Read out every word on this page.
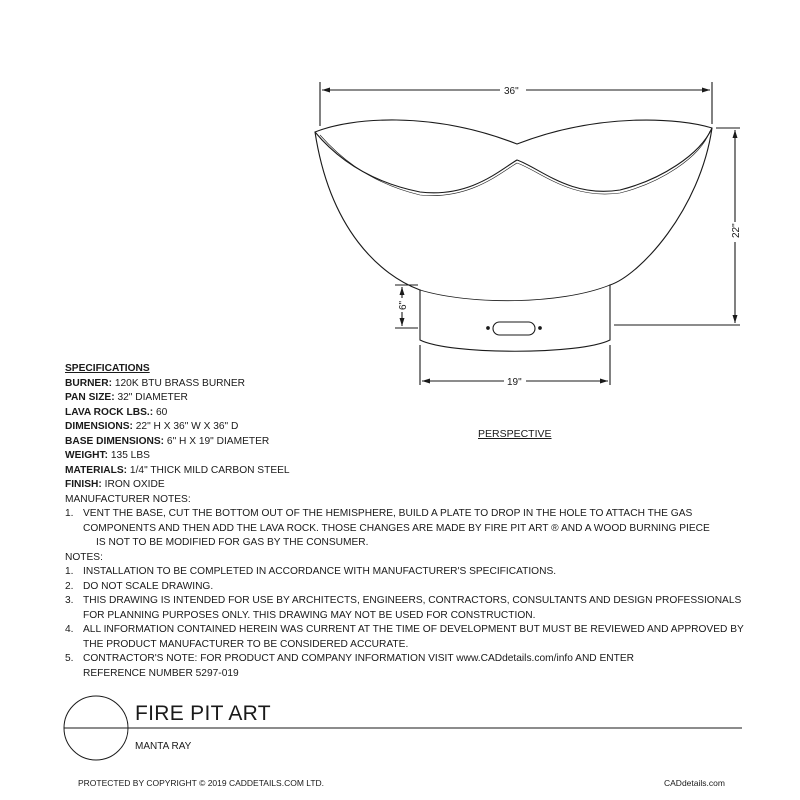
36"
22"
6"
19"
PERSPECTIVE
SPECIFICATIONS
BURNER: 120K BTU BRASS BURNER
PAN SIZE: 32" DIAMETER
LAVA ROCK LBS.: 60
DIMENSIONS: 22" H X 36" W X 36" D
BASE DIMENSIONS: 6" H X 19" DIAMETER
WEIGHT: 135 LBS
MATERIALS: 1/4" THICK MILD CARBON STEEL
FINISH: IRON OXIDE
MANUFACTURER NOTES:
1. VENT THE BASE, CUT THE BOTTOM OUT OF THE HEMISPHERE, BUILD A PLATE TO DROP IN THE HOLE TO ATTACH THE GAS
COMPONENTS AND THEN ADD THE LAVA ROCK. THOSE CHANGES ARE MADE BY FIRE PIT ART ® AND A WOOD BURNING PIECE
IS NOT TO BE MODIFIED FOR GAS BY THE CONSUMER.
NOTES:
1. INSTALLATION TO BE COMPLETED IN ACCORDANCE WITH MANUFACTURER'S SPECIFICATIONS.
2. DO NOT SCALE DRAWING.
3. THIS DRAWING IS INTENDED FOR USE BY ARCHITECTS, ENGINEERS, CONTRACTORS, CONSULTANTS AND DESIGN PROFESSIONALS
FOR PLANNING PURPOSES ONLY. THIS DRAWING MAY NOT BE USED FOR CONSTRUCTION.
4. ALL INFORMATION CONTAINED HEREIN WAS CURRENT AT THE TIME OF DEVELOPMENT BUT MUST BE REVIEWED AND APPROVED BY
THE PRODUCT MANUFACTURER TO BE CONSIDERED ACCURATE.
5. CONTRACTOR'S NOTE: FOR PRODUCT AND COMPANY INFORMATION VISIT www.CADdetails.com/info AND ENTER
REFERENCE NUMBER 5297-019
FIRE PIT ART
MANTA RAY
PROTECTED BY COPYRIGHT © 2019 CADDETAILS.COM LTD.	CADdetails.com
